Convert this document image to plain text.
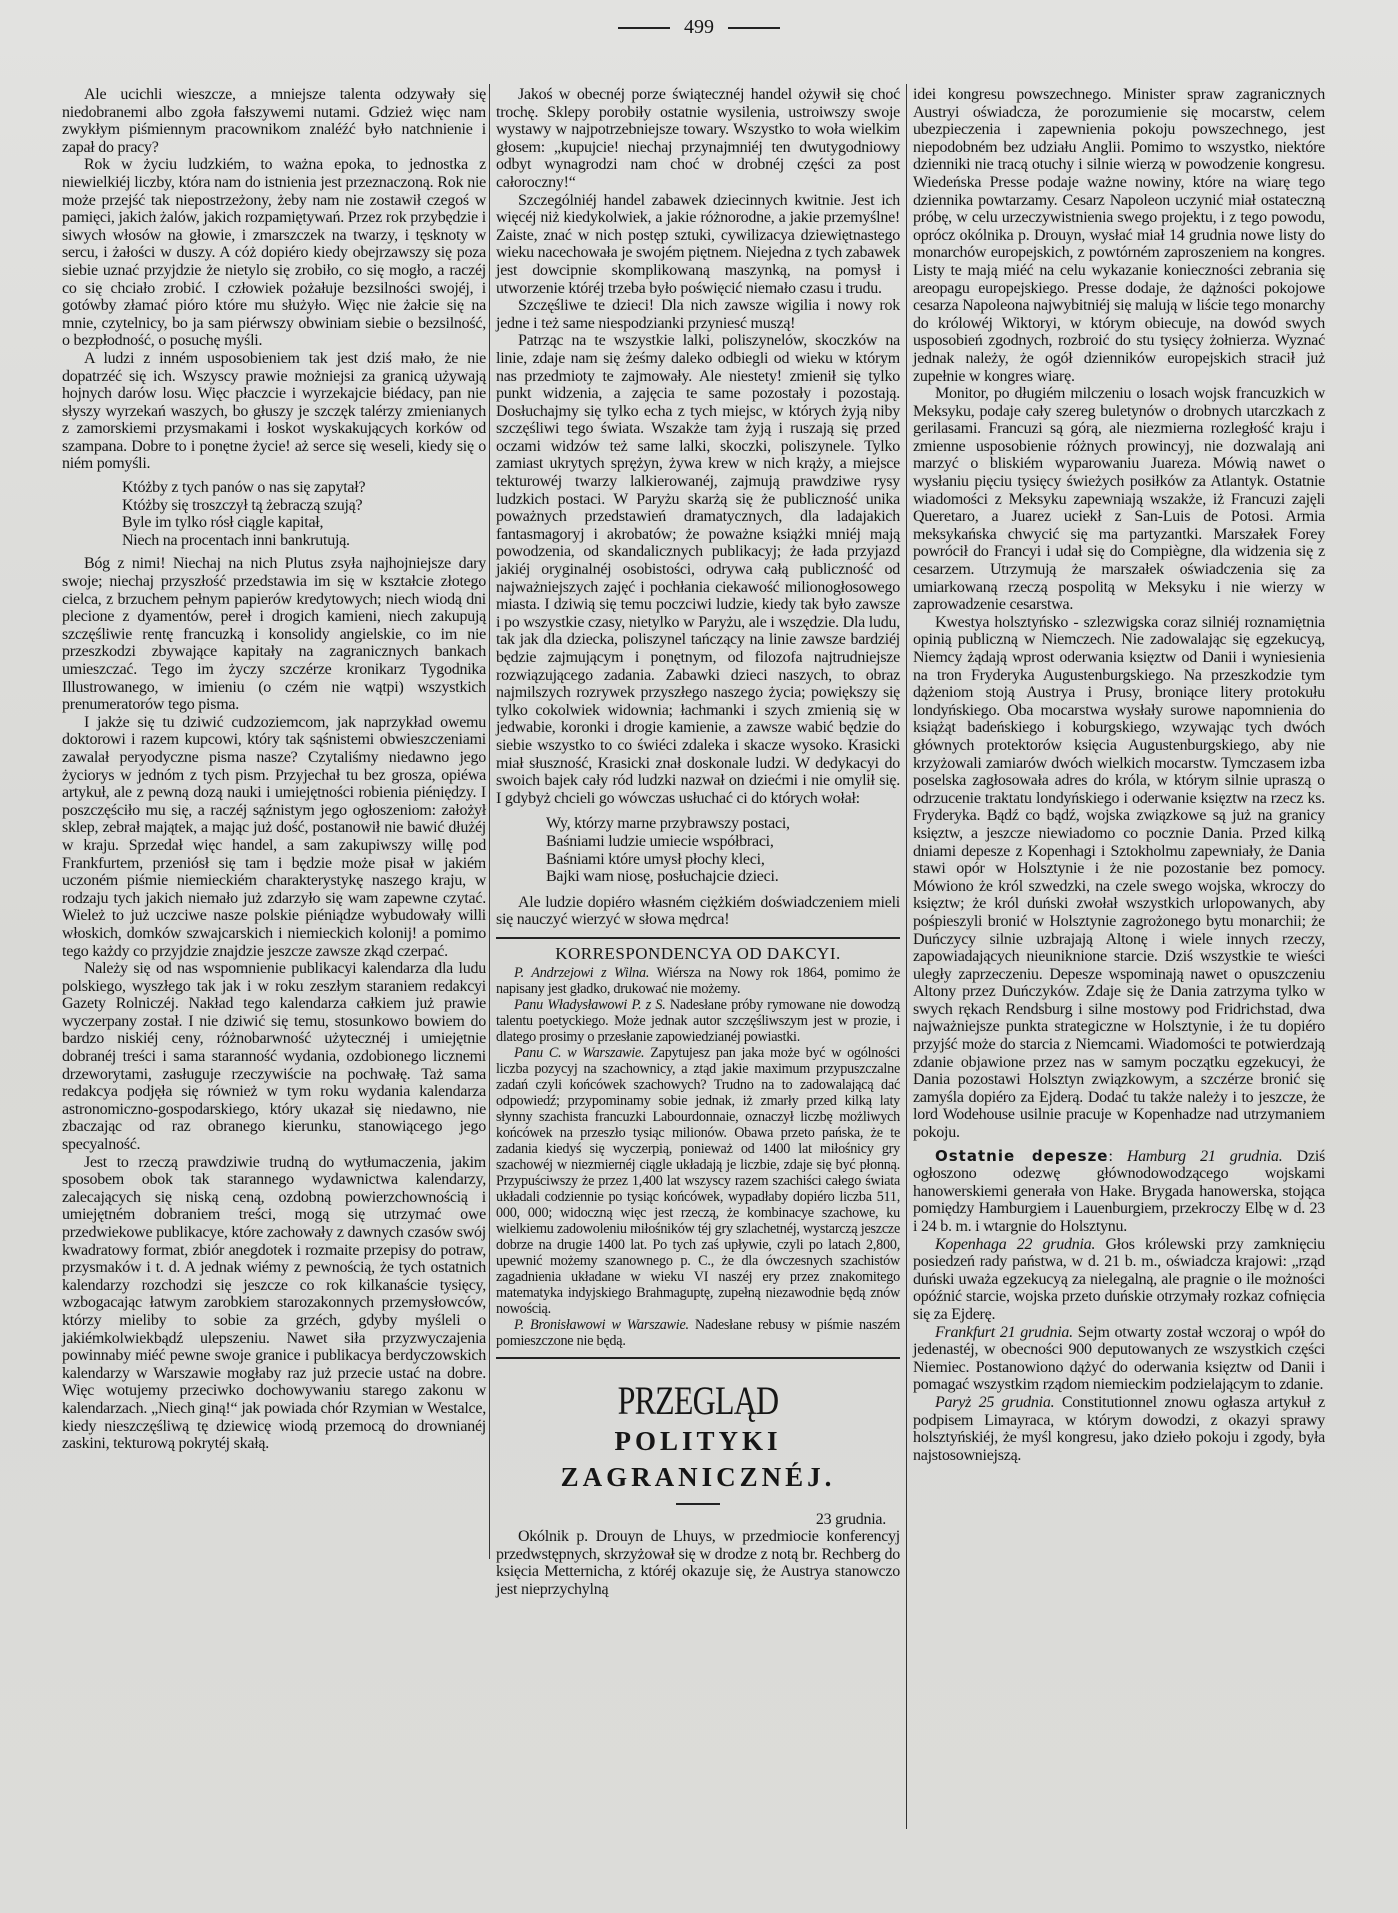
499

Ale ucichli wieszcze, a mniejsze talenta odzywały się niedobranemi albo zgoła fałszywemi nutami. Gdzież więc nam zwykłym piśmiennym pracownikom znaléźć było natchnienie i zapał do pracy?

Rok w życiu ludzkiém, to ważna epoka, to jednostka z niewielkiéj liczby, która nam do istnienia jest przeznaczoną. Rok nie może przejść tak niepostrzeżony, żeby nam nie zostawił czegoś w pamięci, jakich żalów, jakich rozpamiętywań. Przez rok przybędzie i siwych włosów na głowie, i zmarszczek na twarzy, i tęsknoty w sercu, i żałości w duszy. A cóż dopiéro kiedy obejrzawszy się poza siebie uznać przyjdzie że nietylo się zrobiło, co się mogło, a raczéj co się chciało zrobić. I człowiek pożałuje bezsilności swojéj, i gotówby złamać pióro które mu służyło. Więc nie żałcie się na mnie, czytelnicy, bo ja sam piérwszy obwiniam siebie o bezsilność, o bezpłodność, o posuchę myśli.

A ludzi z inném usposobieniem tak jest dziś mało, że nie dopatrzéć się ich. Wszyscy prawie możniejsi za granicą używają hojnych darów losu. Więc płaczcie i wyrzekajcie biédacy, pan nie słyszy wyrzekań waszych, bo głuszy je szczęk talérzy zmienianych z zamorskiemi przysmakami i łoskot wyskakujących korków od szampana. Dobre to i ponętne życie! aż serce się weseli, kiedy się o niém pomyśli.

Któżby z tych panów o nas się zapytał?
Któżby się troszczył tą żebraczą szują?
Byle im tylko rósł ciągle kapitał,
Niech na procentach inni bankrutują.

Bóg z nimi! Niechaj na nich Plutus zsyła najhojniejsze dary swoje; niechaj przyszłość przedstawia im się w kształcie złotego cielca, z brzuchem pełnym papierów kredytowych; niech wiodą dni plecione z dyamentów, pereł i drogich kamieni, niech zakupują szczęśliwie rentę francuzką i konsolidy angielskie, co im nie przeszkodzi zbywające kapitały na zagranicznych bankach umieszczać. Tego im życzy szczérze kronikarz Tygodnika Illustrowanego, w imieniu (o czém nie wątpi) wszystkich prenumeratorów tego pisma.

I jakże się tu dziwić cudzoziemcom, jak naprzykład owemu doktorowi i razem kupcowi, który tak sąśnistemi obwieszczeniami zawalał peryodyczne pisma nasze? Czytaliśmy niedawno jego życiorys w jednóm z tych pism. Przyjechał tu bez grosza, opiéwa artykuł, ale z pewną dozą nauki i umiejętności robienia piéniędzy. I poszczęściło mu się, a raczéj sąźnistym jego ogłoszeniom: założył sklep, zebrał majątek, a mając już dość, postanowił nie bawić dłużéj w kraju. Sprzedał więc handel, a sam zakupiwszy willę pod Frankfurtem, przeniósł się tam i będzie może pisał w jakiém uczoném piśmie niemieckiém charakterystykę naszego kraju, w rodzaju tych jakich niemało już zdarzyło się wam zapewne czytać. Wieleż to już uczciwe nasze polskie piéniądze wybudowały willi włoskich, domków szwajcarskich i niemieckich kolonij! a pomimo tego każdy co przyjdzie znajdzie jeszcze zawsze zkąd czerpać.

Należy się od nas wspomnienie publikacyi kalendarza dla ludu polskiego, wyszłego tak jak i w roku zeszłym staraniem redakcyi Gazety Rolniczéj. Nakład tego kalendarza całkiem już prawie wyczerpany został. I nie dziwić się temu, stosunkowo bowiem do bardzo niskiéj ceny, różnobarwność użytecznéj i umiejętnie dobranéj treści i sama staranność wydania, ozdobionego licznemi drzeworytami, zasługuje rzeczywiście na pochwałę. Taż sama redakcya podjęła się również w tym roku wydania kalendarza astronomiczno-gospodarskiego, który ukazał się niedawno, nie zbaczając od raz obranego kierunku, stanowiącego jego specyalność.

Jest to rzeczą prawdziwie trudną do wytłumaczenia, jakim sposobem obok tak starannego wydawnictwa kalendarzy, zalecających się niską ceną, ozdobną powierzchownością i umiejętném dobraniem treści, mogą się utrzymać owe przedwiekowe publikacye, które zachowały z dawnych czasów swój kwadratowy format, zbiór anegdotek i rozmaite przepisy do potraw, przysmaków i t. d. A jednak wiémy z pewnością, że tych ostatnich kalendarzy rozchodzi się jeszcze co rok kilkanaście tysięcy, wzbogacając łatwym zarobkiem starozakonnych przemysłowców, którzy mieliby to sobie za grzéch, gdyby myśleli o jakiémkolwiekbądź ulepszeniu. Nawet siła przyzwyczajenia powinnaby miéć pewne swoje granice i publikacya berdyczowskich kalendarzy w Warszawie mogłaby raz już przecie ustać na dobre. Więc wotujemy przeciwko dochowywaniu starego zakonu w kalendarzach. „Niech giną!“ jak powiada chór Rzymian w Westalce, kiedy nieszczęśliwą tę dziewicę wiodą przemocą do drownianéj zaskini, tekturową pokrytéj skałą.

Jakoś w obecnéj porze świątecznéj handel ożywił się choć trochę. Sklepy porobiły ostatnie wysilenia, ustroiwszy swoje wystawy w najpotrzebniejsze towary. Wszystko to woła wielkim głosem: „kupujcie! niechaj przynajmniéj ten dwutygodniowy odbyt wynagrodzi nam choć w drobnéj części za post całoroczny!“

Szczególniéj handel zabawek dziecinnych kwitnie. Jest ich więcéj niż kiedykolwiek, a jakie różnorodne, a jakie przemyślne! Zaiste, znać w nich postęp sztuki, cywilizacya dziewiętnastego wieku nacechowała je swojém piętnem. Niejedna z tych zabawek jest dowcipnie skomplikowaną maszynką, na pomysł i utworzenie któréj trzeba było poświęcić niemało czasu i trudu.

Szczęśliwe te dzieci! Dla nich zawsze wigilia i nowy rok jedne i też same niespodzianki przyniesć muszą!

Patrząc na te wszystkie lalki, poliszynelów, skoczków na linie, zdaje nam się żeśmy daleko odbiegli od wieku w którym nas przedmioty te zajmowały. Ale niestety! zmienił się tylko punkt widzenia, a zajęcia te same pozostały i pozostają. Dosłuchajmy się tylko echa z tych miejsc, w których żyją niby szczęśliwi tego świata. Wszakże tam żyją i ruszają się przed oczami widzów też same lalki, skoczki, poliszynele. Tylko zamiast ukrytych sprężyn, żywa krew w nich krąży, a miejsce tekturowéj twarzy lalkierowanéj, zajmują prawdziwe rysy ludzkich postaci. W Paryżu skarżą się że publiczność unika poważnych przedstawień dramatycznych, dla ladajakich fantasmagoryj i akrobatów; że poważne książki mniéj mają powodzenia, od skandalicznych publikacyj; że łada przyjazd jakiéj oryginalnéj osobistości, odrywa całą publiczność od najważniejszych zajęć i pochłania ciekawość milionogłosowego miasta. I dziwią się temu poczciwi ludzie, kiedy tak było zawsze i po wszystkie czasy, nietylko w Paryżu, ale i wszędzie. Dla ludu, tak jak dla dziecka, poliszynel tańczący na linie zawsze bardziéj będzie zajmującym i ponętnym, od filozofa najtrudniejsze rozwiązującego zadania. Zabawki dzieci naszych, to obraz najmilszych rozrywek przyszłego naszego życia; powiększy się tylko cokolwiek widownia; łachmanki i szych zmienią się w jedwabie, koronki i drogie kamienie, a zawsze wabić będzie do siebie wszystko to co świéci zdaleka i skacze wysoko. Krasicki miał słuszność, Krasicki znał doskonale ludzi. W dedykacyi do swoich bajek cały ród ludzki nazwał on dziećmi i nie omylił się. I gdybyż chcieli go wówczas usłuchać ci do których wołał:

Wy, którzy marne przybrawszy postaci,
Baśniami ludzie umiecie współbraci,
Baśniami które umysł płochy kleci,
Bajki wam niosę, posłuchajcie dzieci.

Ale ludzie dopiéro własném ciężkiém doświadczeniem mieli się nauczyć wierzyć w słowa mędrca!

KORRESPONDENCYA OD DAKCYI.

P. Andrzejowi z Wilna. Wiérsza na Nowy rok 1864, pomimo że napisany jest gładko, drukować nie możemy.

Panu Władysławowi P. z S. Nadesłane próby rymowane nie dowodzą talentu poetyckiego. Może jednak autor szczęśliwszym jest w prozie, i dlatego prosimy o przesłanie zapowiedzianéj powiastki.

Panu C. w Warszawie. Zapytujesz pan jaka może być w ogólności liczba pozycyj na szachownicy, a ztąd jakie maximum przypuszczalne zadań czyli końcówek szachowych? Trudno na to zadowalającą dać odpowiedź; przypominamy sobie jednak, iż zmarły przed kilką laty słynny szachista francuzki Labourdonnaie, oznaczył liczbę możliwych końcówek na przeszło tysiąc milionów. Obawa przeto pańska, że te zadania kiedyś się wyczerpią, ponieważ od 1400 lat miłośnicy gry szachowéj w niezmiernéj ciągle układają je liczbie, zdaje się być płonną. Przypuściwszy że przez 1,400 lat wszyscy razem szachiści całego świata układali codziennie po tysiąc końcówek, wypadłaby dopiéro liczba 511, 000, 000; widoczną więc jest rzeczą, że kombinacye szachowe, ku wielkiemu zadowoleniu miłośników téj gry szlachetnéj, wystarczą jeszcze dobrze na drugie 1400 lat. Po tych zaś upływie, czyli po latach 2,800, upewnić możemy szanownego p. C., że dla ówczesnych szachistów zagadnienia układane w wieku VI naszéj ery przez znakomitego matematyka indyjskiego Brahmaguptę, zupełną niezawodnie będą znów nowością.

P. Bronisławowi w Warszawie. Nadesłane rebusy w piśmie naszém pomieszczone nie będą.

PRZEGLĄD
POLITYKI ZAGRANICZNÉJ.
23 grudnia.

Okólnik p. Drouyn de Lhuys, w przedmiocie konferencyj przedwstępnych, skrzyżował się w drodze z notą br. Rechberg do księcia Metternicha, z któréj okazuje się, że Austrya stanowczo jest nieprzychylną

idei kongresu powszechnego. Minister spraw zagranicznych Austryi oświadcza, że porozumienie się mocarstw, celem ubezpieczenia i zapewnienia pokoju powszechnego, jest niepodobném bez udziału Anglii. Pomimo to wszystko, niektóre dzienniki nie tracą otuchy i silnie wierzą w powodzenie kongresu. Wiedeńska Presse podaje ważne nowiny, które na wiarę tego dziennika powtarzamy. Cesarz Napoleon uczynić miał ostateczną próbę, w celu urzeczywistnienia swego projektu, i z tego powodu, oprócz okólnika p. Drouyn, wysłać miał 14 grudnia nowe listy do monarchów europejskich, z powtórném zaproszeniem na kongres. Listy te mają miéć na celu wykazanie konieczności zebrania się areopagu europejskiego. Presse dodaje, że dążności pokojowe cesarza Napoleona najwybitniéj się malują w liście tego monarchy do królowéj Wiktoryi, w którym obiecuje, na dowód swych usposobień zgodnych, rozbroić do stu tysięcy żołnierza. Wyznać jednak należy, że ogół dzienników europejskich stracił już zupełnie w kongres wiarę.

Monitor, po długiém milczeniu o losach wojsk francuzkich w Meksyku, podaje cały szereg buletynów o drobnych utarczkach z gerilasami. Francuzi są górą, ale niezmierna rozległość kraju i zmienne usposobienie różnych prowincyj, nie dozwalają ani marzyć o bliskiém wyparowaniu Juareza. Mówią nawet o wysłaniu pięciu tysięcy świeżych posiłków za Atlantyk. Ostatnie wiadomości z Meksyku zapewniają wszakże, iż Francuzi zajęli Queretaro, a Juarez uciekł z San-Luis de Potosi. Armia meksykańska chwycić się ma partyzantki. Marszałek Forey powrócił do Francyi i udał się do Compiègne, dla widzenia się z cesarzem. Utrzymują że marszałek oświadczenia się za umiarkowaną rzeczą pospolitą w Meksyku i nie wierzy w zaprowadzenie cesarstwa.

Kwestya holsztyńsko - szlezwigska coraz silniéj roznamiętnia opinią publiczną w Niemczech. Nie zadowalając się egzekucyą, Niemcy żądają wprost oderwania księztw od Danii i wyniesienia na tron Fryderyka Augustenburgskiego. Na przeszkodzie tym dążeniom stoją Austrya i Prusy, broniące litery protokułu londyńskiego. Oba mocarstwa wysłały surowe napomnienia do książąt badeńskiego i koburgskiego, wzywając tych dwóch głównych protektorów księcia Augustenburgskiego, aby nie krzyżowali zamiarów dwóch wielkich mocarstw. Tymczasem izba poselska zagłosowała adres do króla, w którym silnie upraszą o odrzucenie traktatu londyńskiego i oderwanie księztw na rzecz ks. Fryderyka. Bądź co bądź, wojska związkowe są już na granicy księztw, a jeszcze niewiadomo co pocznie Dania. Przed kilką dniami depesze z Kopenhagi i Sztokholmu zapewniały, że Dania stawi opór w Holsztynie i że nie pozostanie bez pomocy. Mówiono że król szwedzki, na czele swego wojska, wkroczy do księztw; że król duński zwołał wszystkich urlopowanych, aby pośpieszyli bronić w Holsztynie zagrożonego bytu monarchii; że Duńczycy silnie uzbrajają Altonę i wiele innych rzeczy, zapowiadających nieuniknione starcie. Dziś wszystkie te wieści uległy zaprzeczeniu. Depesze wspominają nawet o opuszczeniu Altony przez Duńczyków. Zdaje się że Dania zatrzyma tylko w swych rękach Rendsburg i silne mostowy pod Fridrichstad, dwa najważniejsze punkta strategiczne w Holsztynie, i że tu dopiéro przyjść może do starcia z Niemcami. Wiadomości te potwierdzają zdanie objawione przez nas w samym początku egzekucyi, że Dania pozostawi Holsztyn związkowym, a szczérze bronić się zamyśla dopiéro za Ejderą. Dodać tu także należy i to jeszcze, że lord Wodehouse usilnie pracuje w Kopenhadze nad utrzymaniem pokoju.

Ostatnie depesze: Hamburg 21 grudnia. Dziś ogłoszono odezwę głównodowodzącego wojskami hanowerskiemi generała von Hake. Brygada hanowerska, stojąca pomiędzy Hamburgiem i Lauenburgiem, przekroczy Elbę w d. 23 i 24 b. m. i wtargnie do Holsztynu.

Kopenhaga 22 grudnia. Głos królewski przy zamknięciu posiedzeń rady państwa, w d. 21 b. m., oświadcza krajowi: „rząd duński uważa egzekucyą za nielegalną, ale pragnie o ile możności opóźnić starcie, wojska przeto duńskie otrzymały rozkaz cofnięcia się za Ejderę.

Frankfurt 21 grudnia. Sejm otwarty został wczoraj o wpół do jedenastéj, w obecności 900 deputowanych ze wszystkich części Niemiec. Postanowiono dążyć do oderwania księztw od Danii i pomagać wszystkim rządom niemieckim podzielającym to zdanie.

Paryż 25 grudnia. Constitutionnel znowu ogłasza artykuł z podpisem Limayraca, w którym dowodzi, z okazyi sprawy holsztyńskiéj, że myśl kongresu, jako dzieło pokoju i zgody, była najstosowniejszą.
